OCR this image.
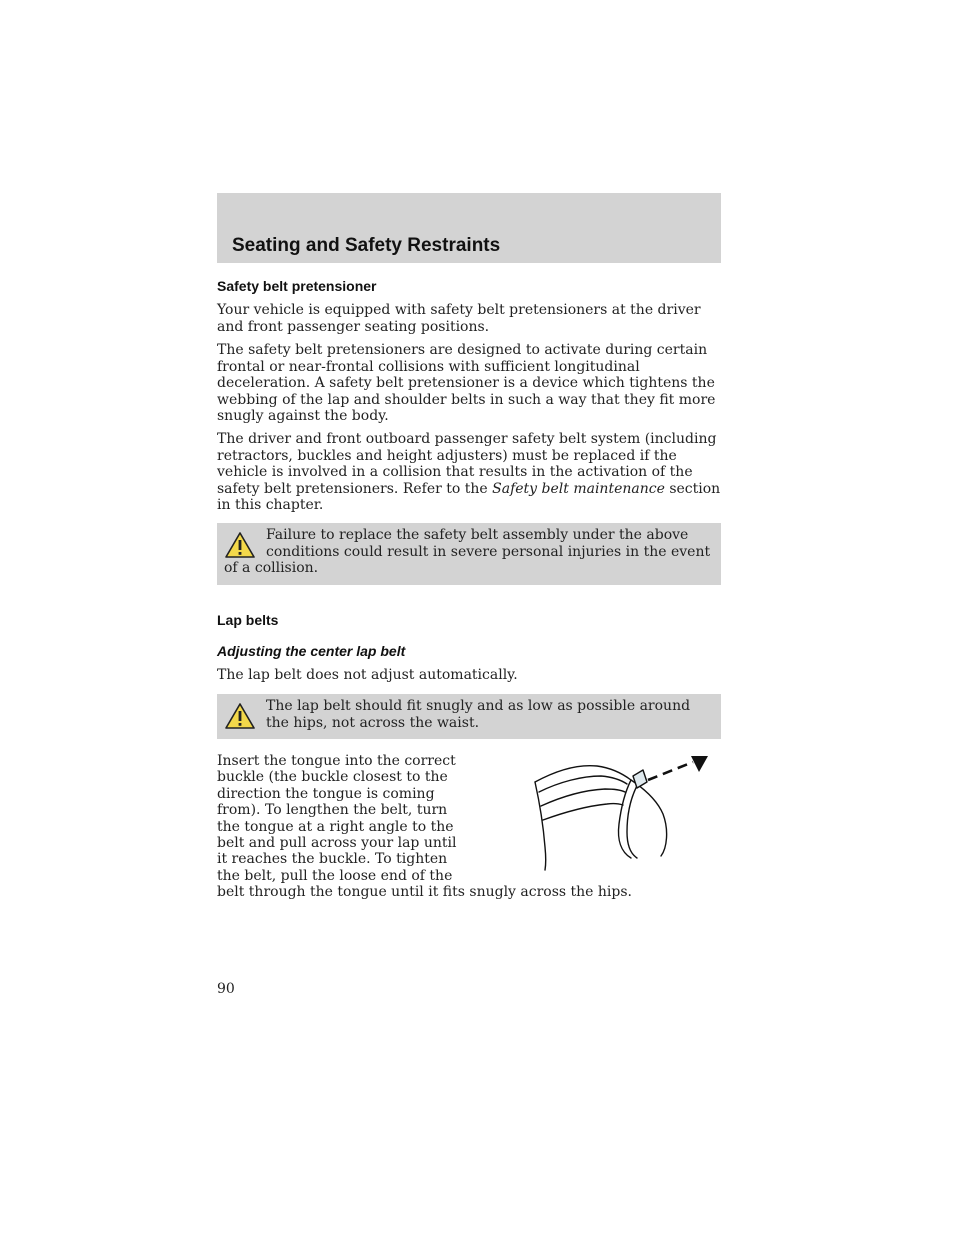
Seating and Safety Restraints
Safety belt pretensioner

Your vehicle is equipped with safety belt pretensioners at the driver and front passenger seating positions.

The safety belt pretensioners are designed to activate during certain frontal or near-frontal collisions with sufficient longitudinal deceleration. A safety belt pretensioner is a device which tightens the webbing of the lap and shoulder belts in such a way that they fit more snugly against the body.

The driver and front outboard passenger safety belt system (including retractors, buckles and height adjusters) must be replaced if the vehicle is involved in a collision that results in the activation of the safety belt pretensioners. Refer to the Safety belt maintenance section in this chapter.

Failure to replace the safety belt assembly under the above conditions could result in severe personal injuries in the event of a collision.

Lap belts
Adjusting the center lap belt

The lap belt does not adjust automatically.

The lap belt should fit snugly and as low as possible around the hips, not across the waist.

Insert the tongue into the correct buckle (the buckle closest to the direction the tongue is coming from). To lengthen the belt, turn the tongue at a right angle to the belt and pull across your lap until it reaches the buckle. To tighten the belt, pull the loose end of the belt through the tongue until it fits snugly across the hips.

90
